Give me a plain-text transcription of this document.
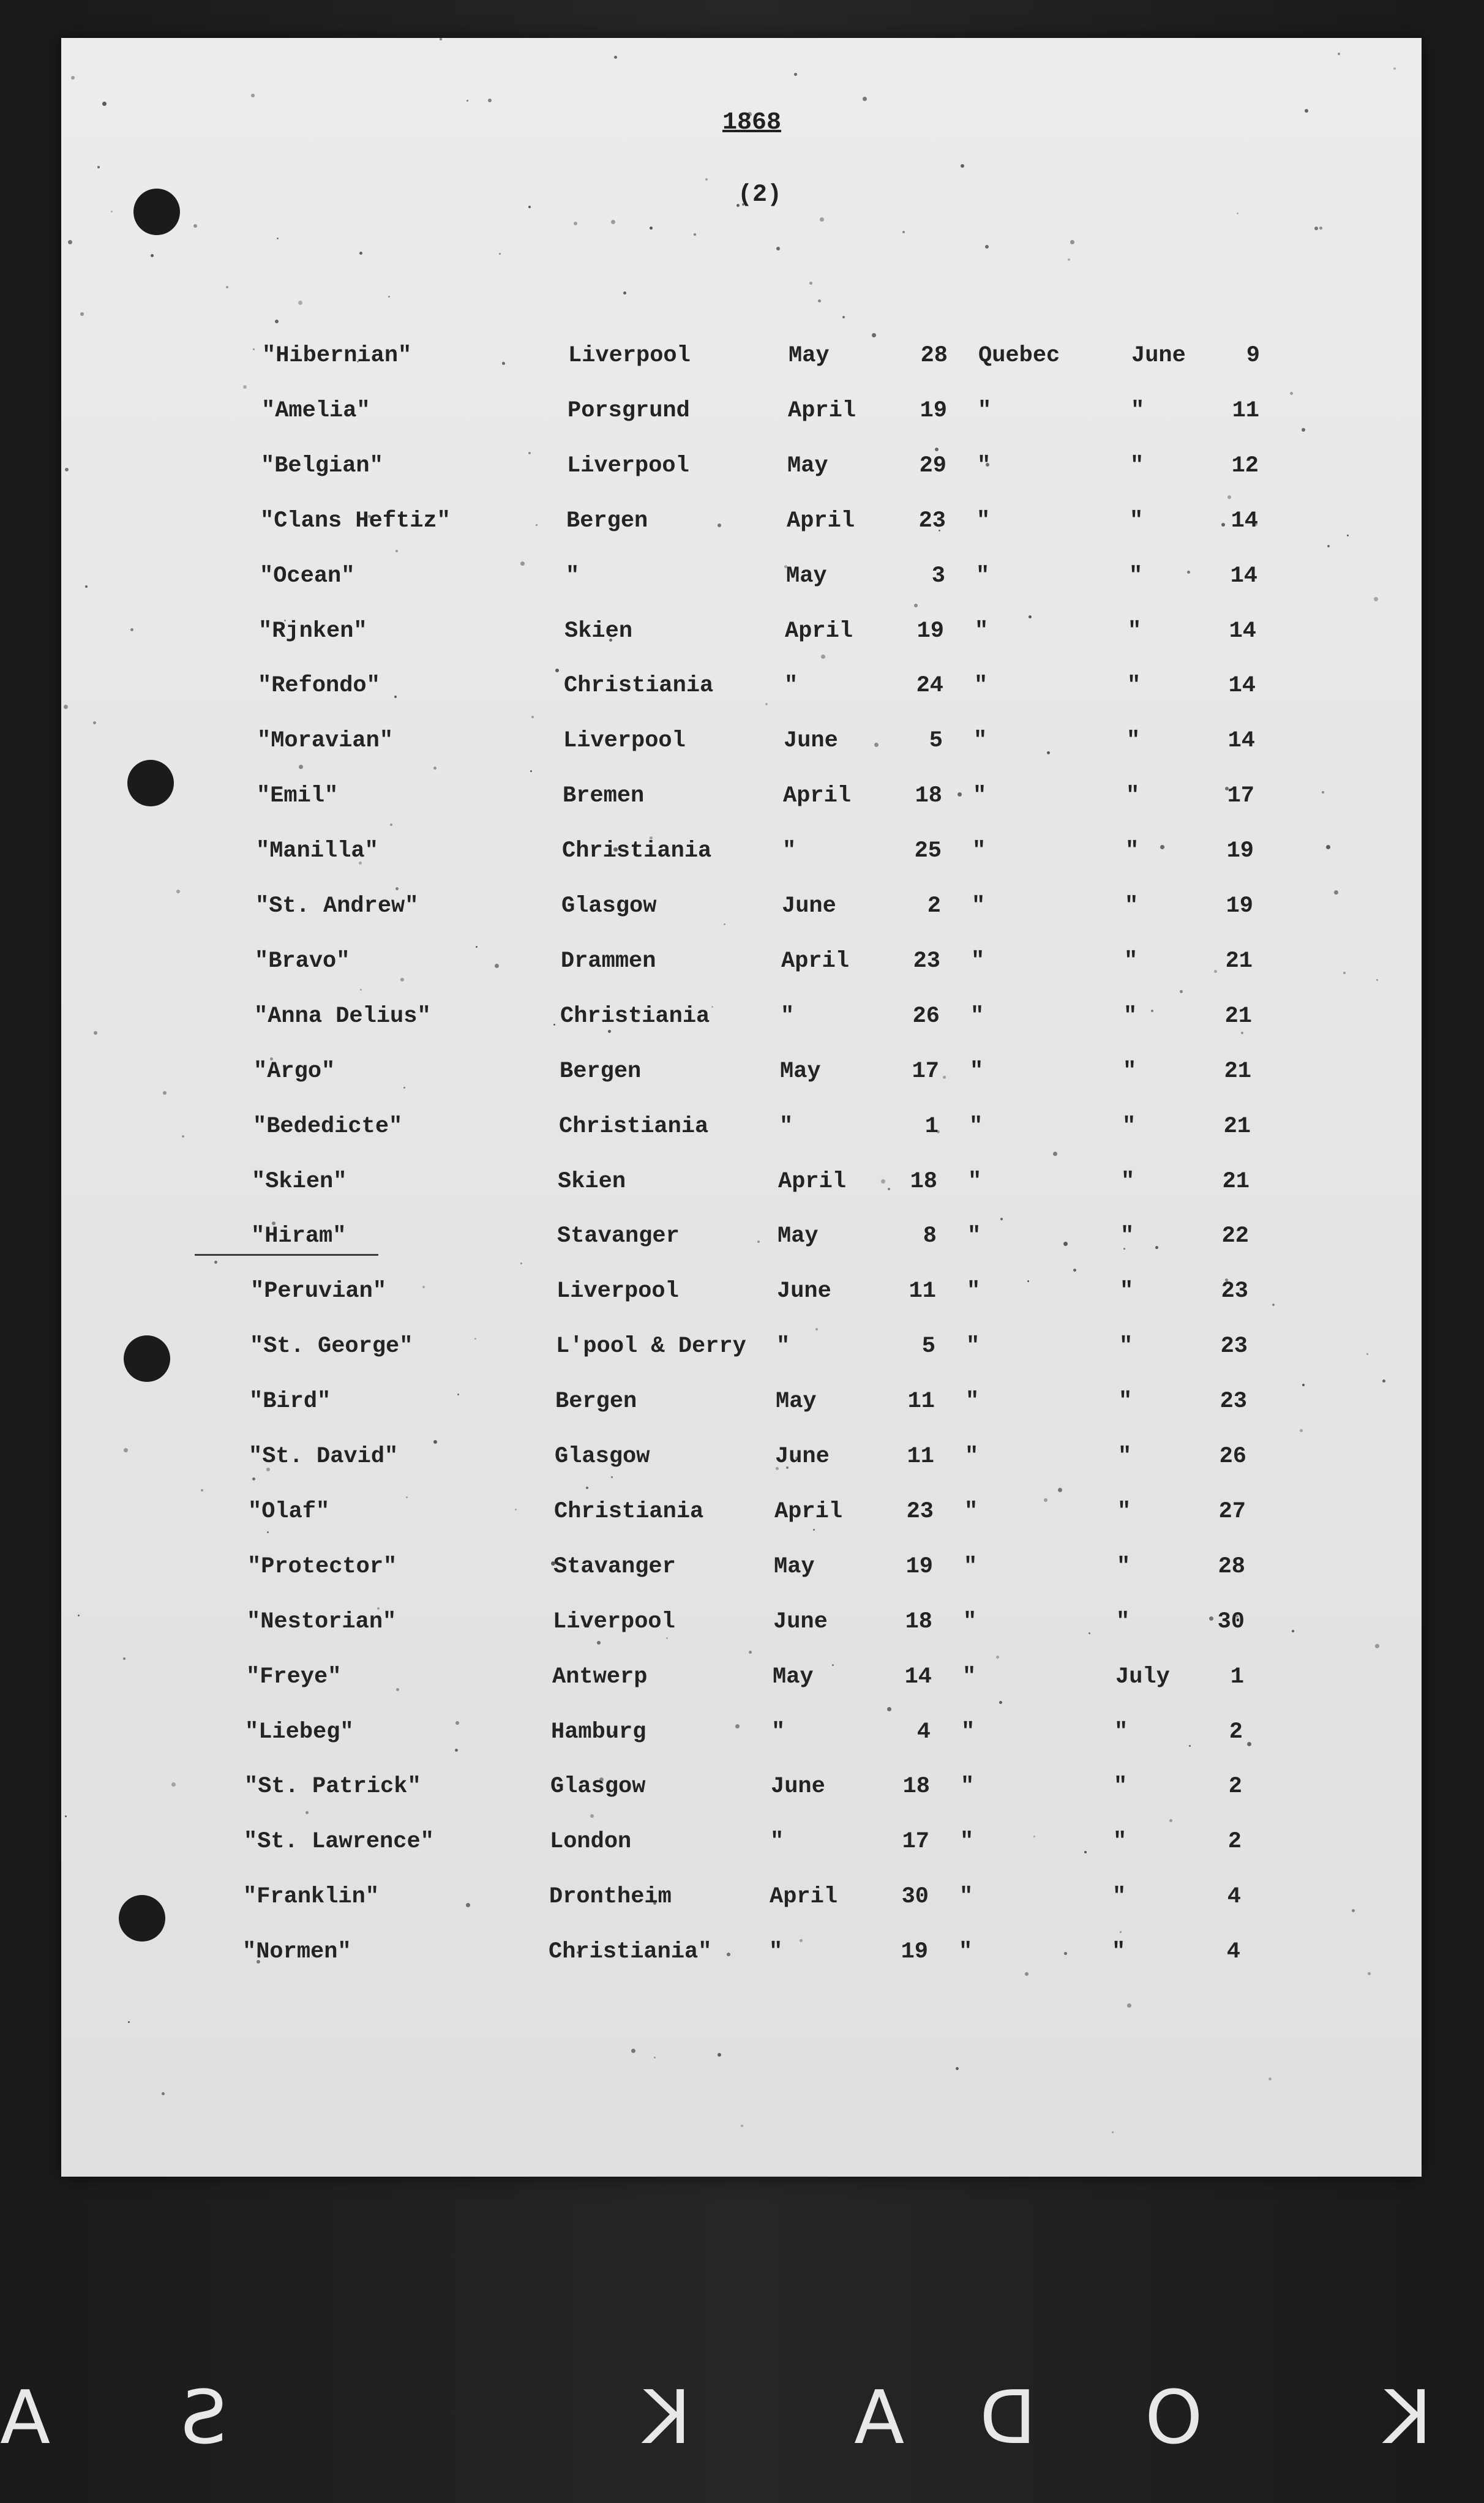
1868
(2)
"Hibernian"	Liverpool	May	28 Quebec	June	9
"Amelia"	Porsgrund	April	19 "	"	11
"Belgian"	Liverpool	May	29 "	"	12
"Clans Heftiz"	Bergen	April	23 "	"	14
"Ocean"	"	May	3 "	"	14
"Rjnken"	Skien	April	19 "	"	14
"Refondo"	Christiania	"	24 "	"	14
"Moravian"	Liverpool	June	5 "	"	14
"Emil"	Bremen	April	18 "	"	17
"Manilla"	Christiania	"	25 "	"	19
"St. Andrew"	Glasgow	June	2 "	"	19
"Bravo"	Drammen	April	23 "	"	21
"Anna Delius"	Christiania	"	26 "	"	21
"Argo"	Bergen	May	17 "	"	21
"Bededicte"	Christiania	"	1 "	"	21
"Skien"	Skien	April	18 "	"	21
"Hiram"	Stavanger	May	8 "	"	22
"Peruvian"	Liverpool	June	11 "	"	23
"St. George"	L'pool & Derry "	5 "	"	23
"Bird"	Bergen	May	11 "	"	23
"St. David"	Glasgow	June	11 "	"	26
"Olaf"	Christiania	April	23 "	"	27
"Protector"	Stavanger	May	19 "	"	28
"Nestorian"	Liverpool	June	18 "	"	30
"Freye"	Antwerp	May	14 "	July	1
"Liebeg"	Hamburg	"	4 "	"	2
"St. Patrick"	Glasgow	June	18 "	"	2
"St. Lawrence"	London	"	17 "	"	2
"Franklin"	Drontheim	April	30 "	"	4
"Normen"	Christiania"	"	19 "	"	4
K
O
D
A
K
S
A
